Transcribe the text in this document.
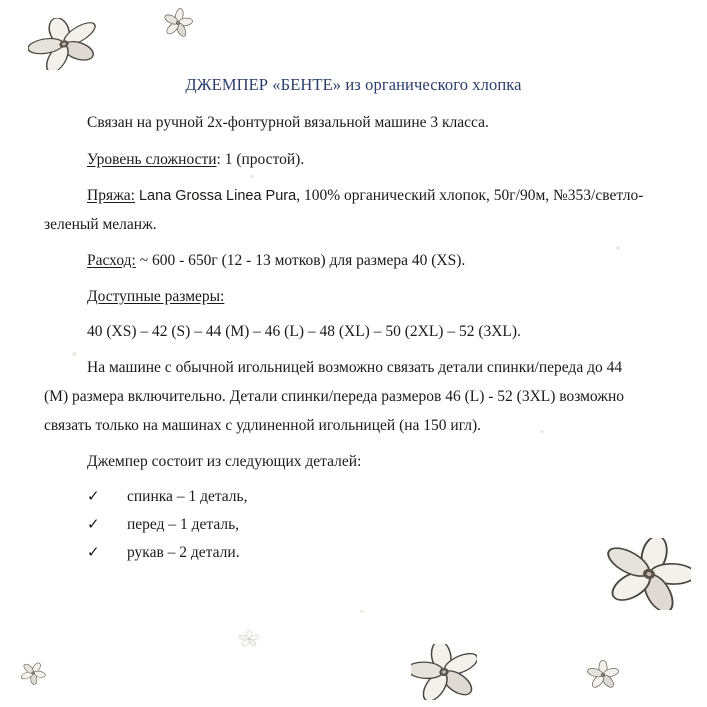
ДЖЕМПЕР «БЕНТЕ» из органического хлопка
Связан на ручной 2х-фонтурной вязальной машине 3 класса.
Уровень сложности: 1 (простой).
Пряжа: Lana Grossa Linea Pura, 100% органический хлопок, 50г/90м, №353/светло-
зеленый меланж.
Расход: ~ 600 - 650г (12 - 13 мотков) для размера 40 (XS).
Доступные размеры:
40 (XS) – 42 (S) – 44 (M) – 46 (L) – 48 (XL) – 50 (2XL) – 52 (3XL).
На машине с обычной игольницей возможно связать детали спинки/переда до 44
(М) размера включительно. Детали спинки/переда размеров 46 (L) - 52 (3XL) возможно
связать только на машинах с удлиненной игольницей (на 150 игл).
Джемпер состоит из следующих деталей:
✓ спинка – 1 деталь,
✓ перед – 1 деталь,
✓ рукав – 2 детали.
